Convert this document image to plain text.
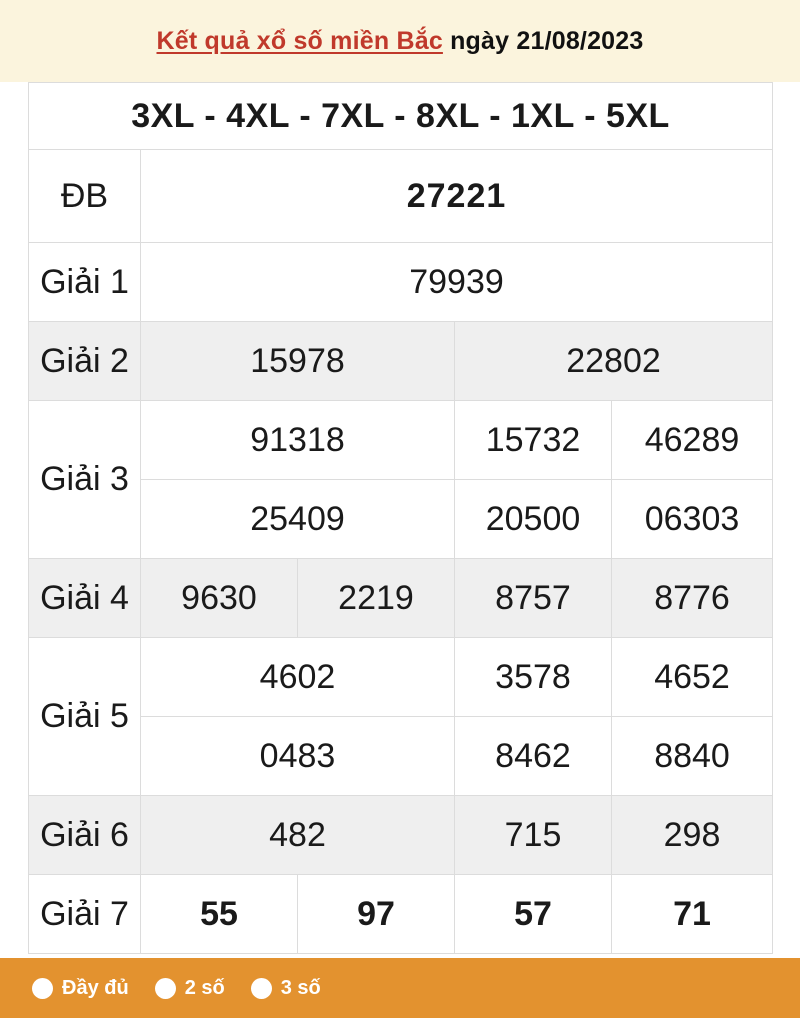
Kết quả xổ số miền Bắc ngày 21/08/2023
3XL - 4XL - 7XL - 8XL - 1XL - 5XL				
ĐB	27221			
Giải 1	79939			
Giải 2	15978		22802	
Giải 3	91318		15732	46289
	25409		20500	06303
Giải 4	9630	2219	8757	8776
Giải 5	4602		3578	4652
	0483		8462	8840
Giải 6	482		715	298
Giải 7	55	97	57	71
Đầy đủ	2 số	3 số
